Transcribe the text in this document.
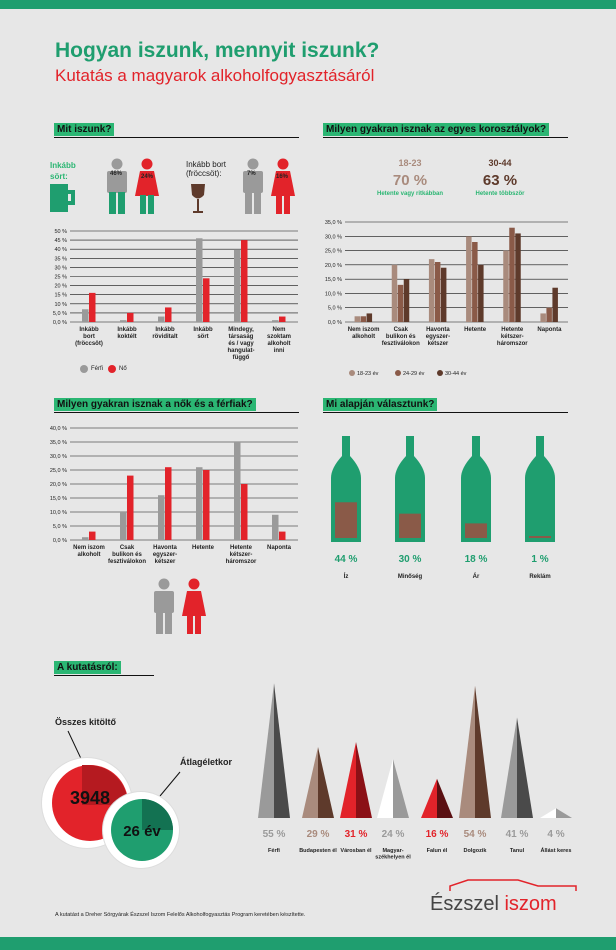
Hogyan iszunk, mennyit iszunk?
Kutatás a magyarok alkoholfogyasztásáról
Mit iszunk?
Inkább sört:	46%	24%
Inkább bort (fröccsöt):	7%	16%
0,0 %
5,0 %
10 %
15 %
20 %
25 %
30 %
35 %
40 %
45 %
50 %
Inkább bort (fröccsöt)
Inkább koktélt
Inkább röviditalt
Inkább sört
Mindegy, társaság és / vagy hangulat-függő
Nem szoktam alkoholt inni
Férfi	Nő
Milyen gyakran isznak az egyes korosztályok?
18-23
70 %
Hetente vagy ritkábban
30-44
63 %
Hetente többször
0,0 %
5,0 %
10,0 %
15,0 %
20,0 %
25,0 %
30,0 %
35,0 %
Nem iszom alkoholt
Csak bulikon és fesztiválokon
Havonta egyszer-kétszer
Hetente	Hetente kétszer-háromszor
Naponta
18-23 év	24-29 év	30-44 év
Milyen gyakran isznak a nők és a férfiak?
0,0 %
5,0 %
10,0 %
15,0 %
20,0 %
25,0 %
30,0 %
35,0 %
40,0 %
Nem iszom alkoholt
Csak bulikon és fesztiválokon
Havonta egyszer-kétszer
Hetente	Hetente kétszer-háromszor
Naponta
Mi alapján választunk?
44 %
Íz
30 %
Minőség
18 %
Ár
1 %
Reklám
A kutatásról:
Összes kitöltő
3948
Átlagéletkor
26 év	55 %
Férfi
29 %
Budapesten él
31 %
Városban él
24 %
Magyar-székhelyen él
16 %
Falun él
54 %
Dolgozik
41 %
Tanul
4 %
Állást keres
A kutatást a Dreher Sörgyárak Észszel Iszom Felelős Alkoholfogyasztás Program keretében készítette.	Észszel iszom
